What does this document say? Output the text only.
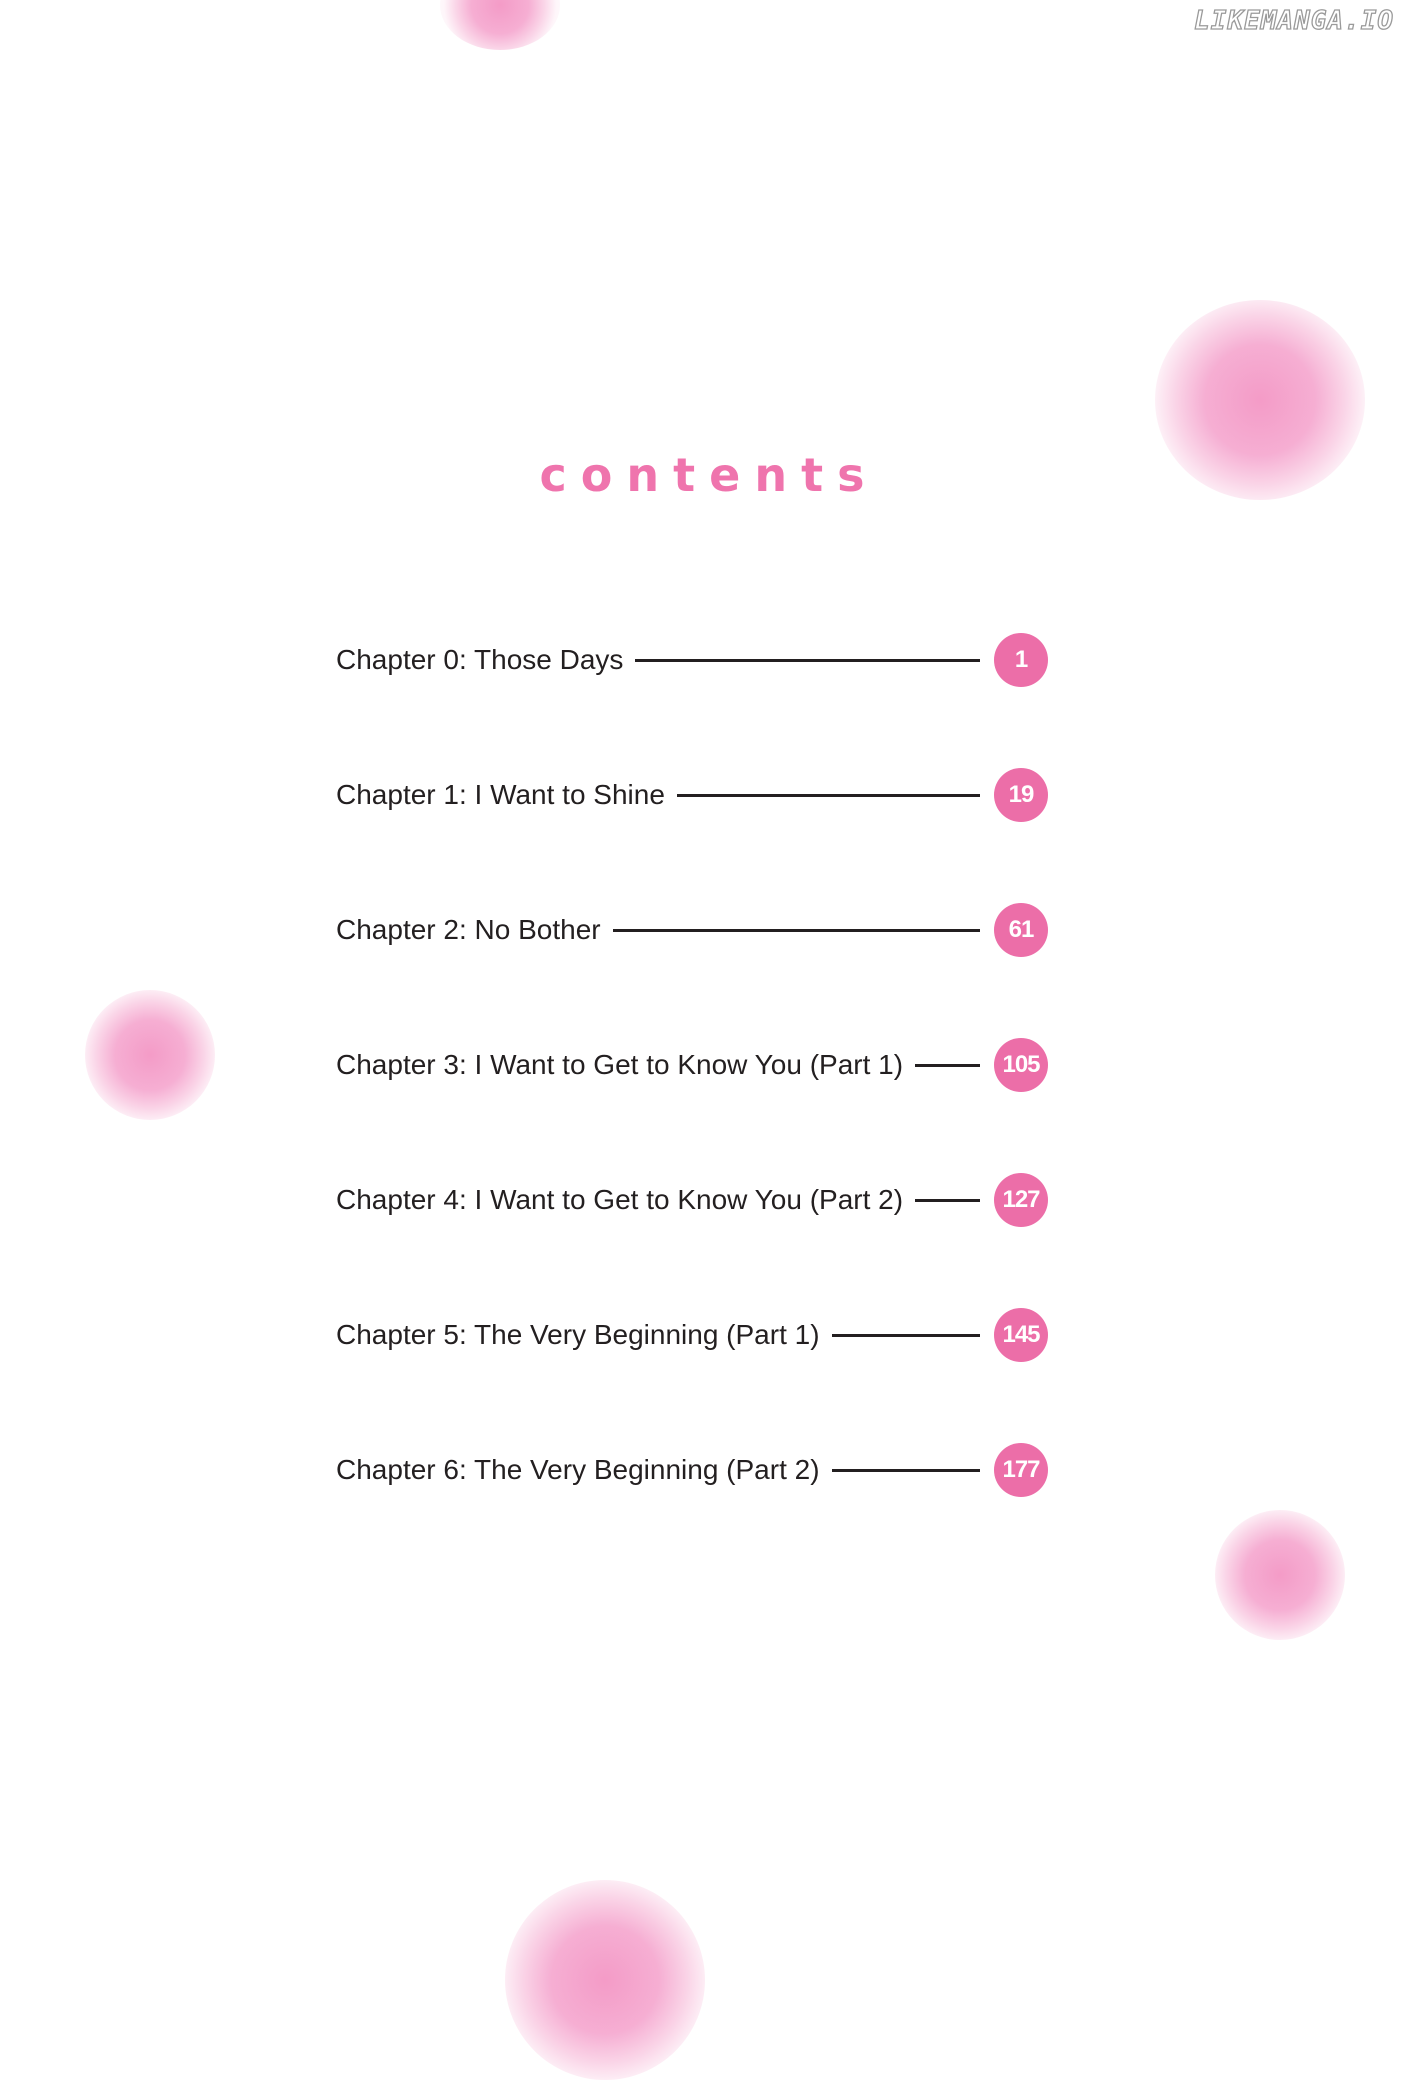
LIKEMANGA.IO
contents
Chapter 0: Those Days	1
Chapter 1: I Want to Shine	19
Chapter 2: No Bother	61
Chapter 3: I Want to Get to Know You (Part 1)	105
Chapter 4: I Want to Get to Know You (Part 2)	127
Chapter 5: The Very Beginning (Part 1)	145
Chapter 6: The Very Beginning (Part 2)	177
